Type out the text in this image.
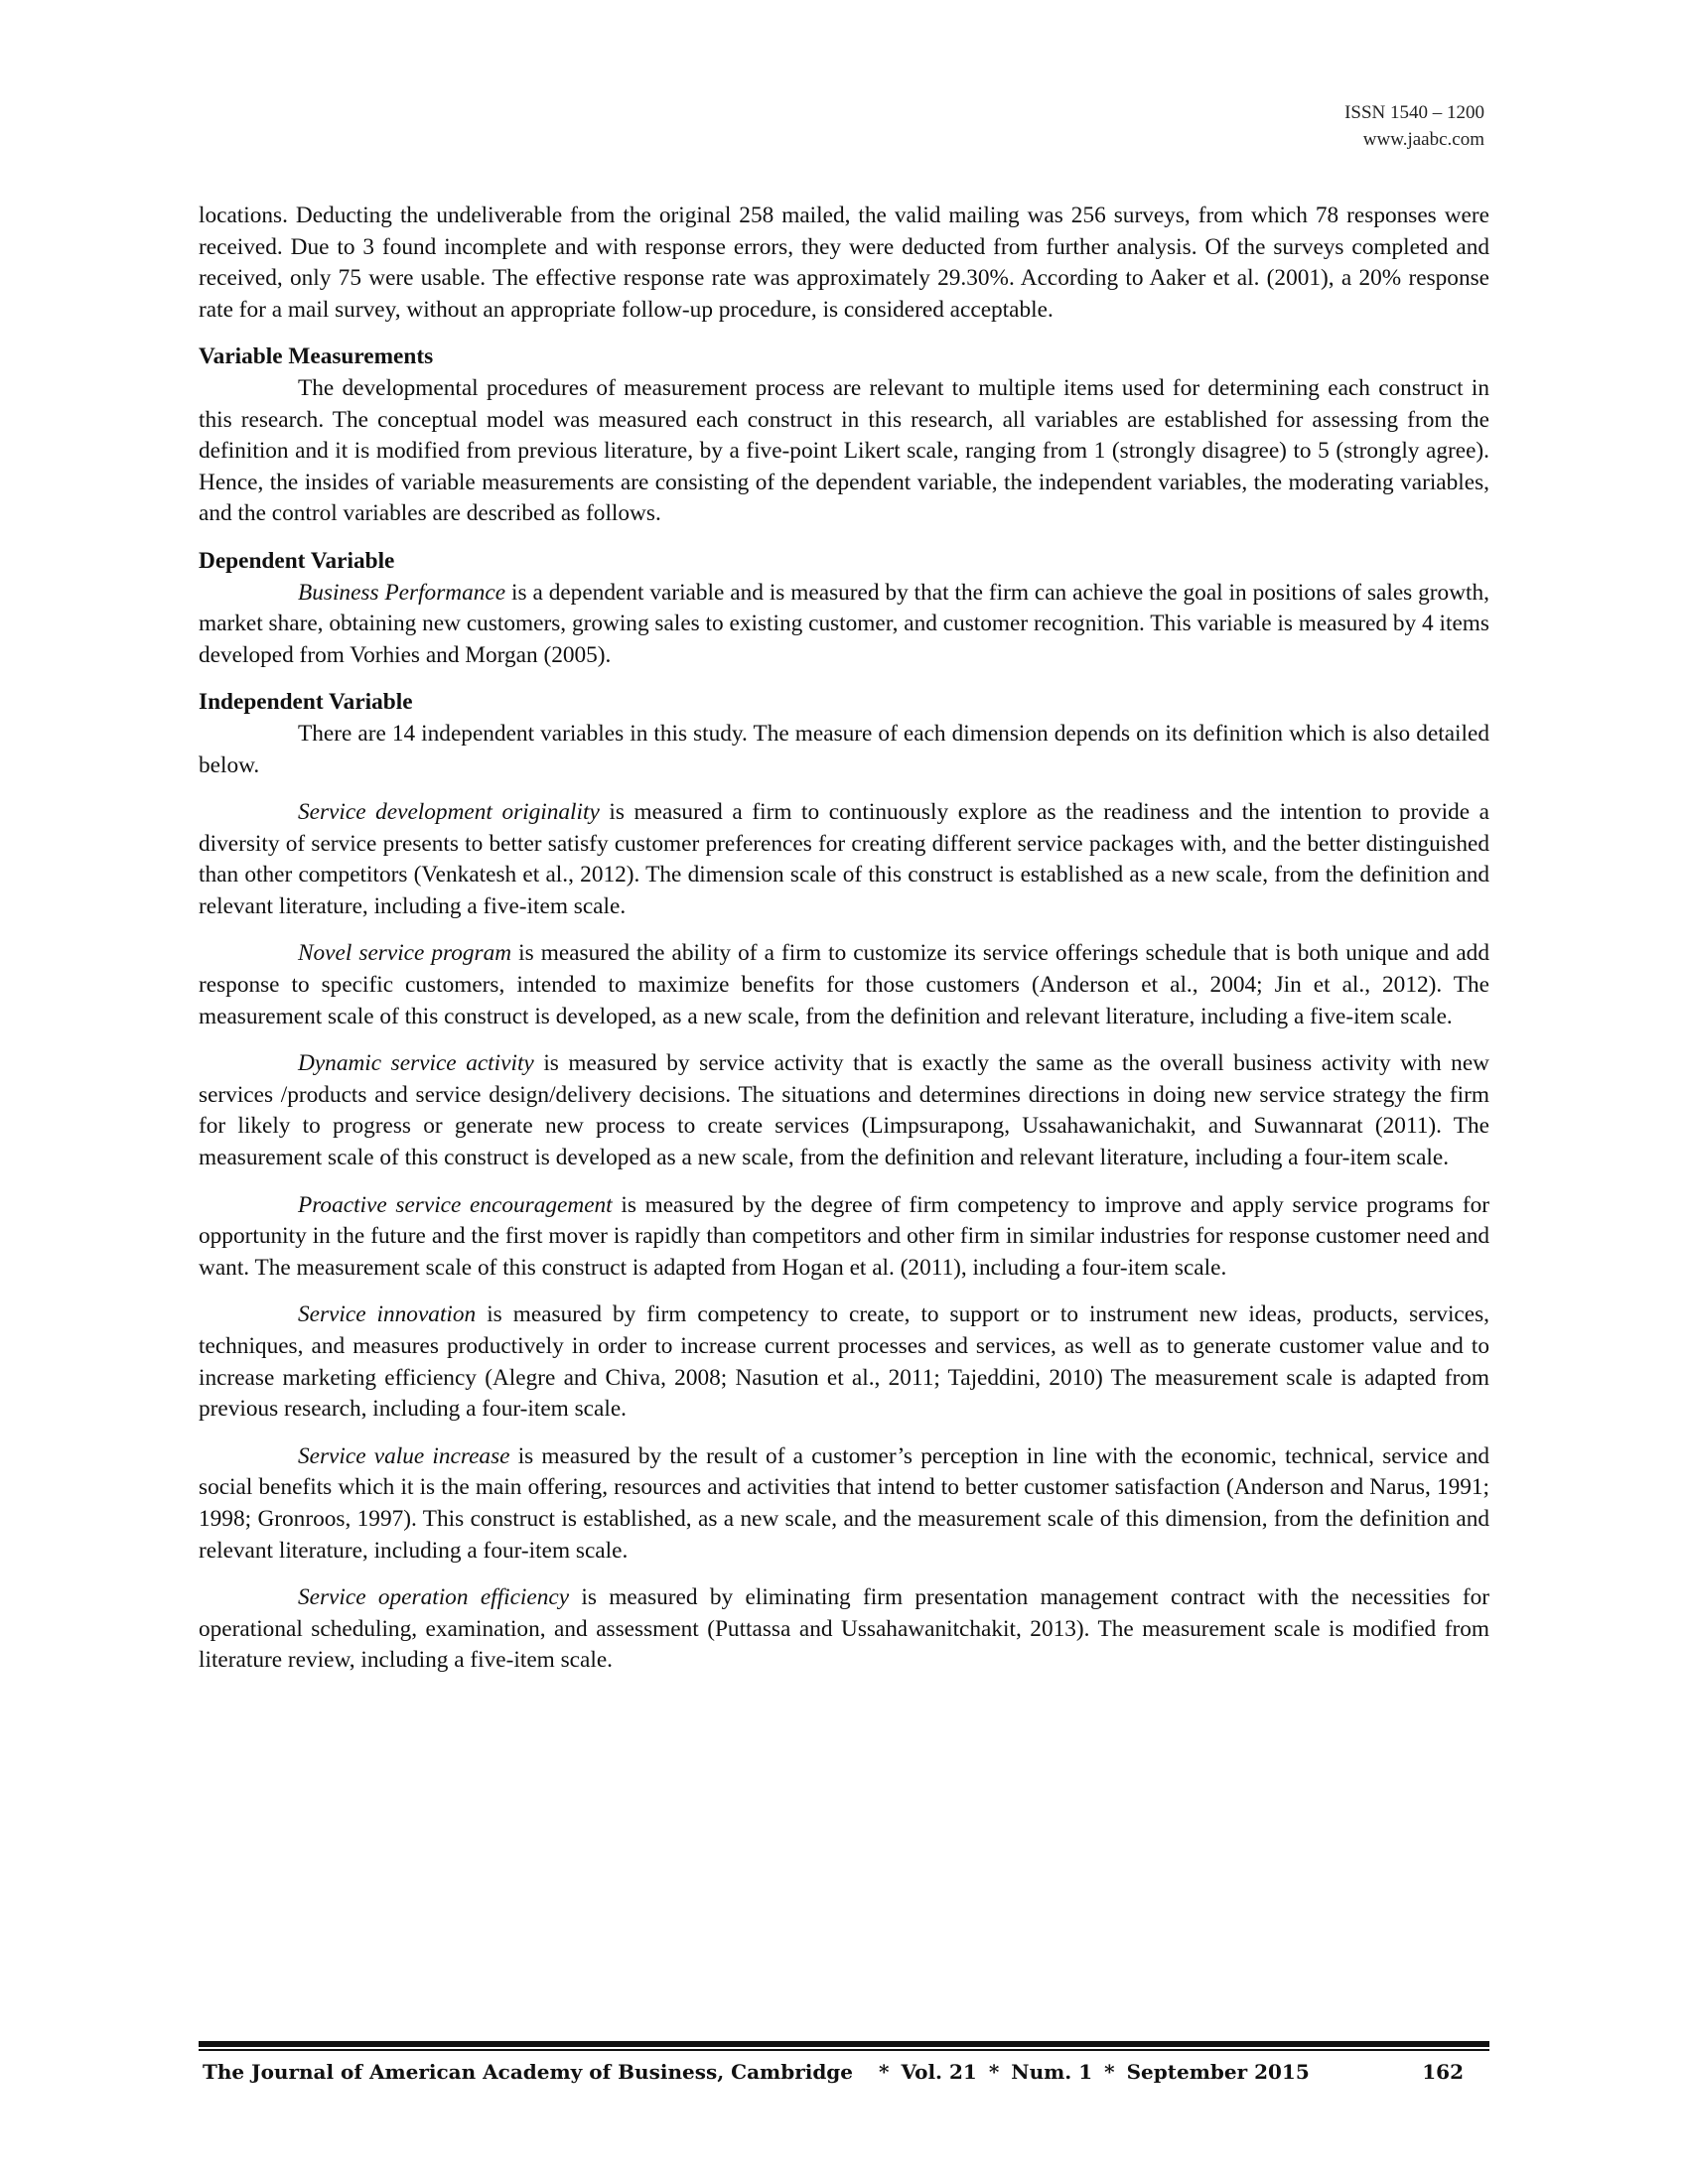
ISSN 1540 – 1200
www.jaabc.com

locations. Deducting the undeliverable from the original 258 mailed, the valid mailing was 256 surveys, from which 78 responses were received. Due to 3 found incomplete and with response errors, they were deducted from further analysis. Of the surveys completed and received, only 75 were usable. The effective response rate was approximately 29.30%. According to Aaker et al. (2001), a 20% response rate for a mail survey, without an appropriate follow-up procedure, is considered acceptable.

Variable Measurements

The developmental procedures of measurement process are relevant to multiple items used for determining each construct in this research. The conceptual model was measured each construct in this research, all variables are established for assessing from the definition and it is modified from previous literature, by a five-point Likert scale, ranging from 1 (strongly disagree) to 5 (strongly agree). Hence, the insides of variable measurements are consisting of the dependent variable, the independent variables, the moderating variables, and the control variables are described as follows.

Dependent Variable

Business Performance is a dependent variable and is measured by that the firm can achieve the goal in positions of sales growth, market share, obtaining new customers, growing sales to existing customer, and customer recognition. This variable is measured by 4 items developed from Vorhies and Morgan (2005).

Independent Variable

There are 14 independent variables in this study. The measure of each dimension depends on its definition which is also detailed below.

Service development originality is measured a firm to continuously explore as the readiness and the intention to provide a diversity of service presents to better satisfy customer preferences for creating different service packages with, and the better distinguished than other competitors (Venkatesh et al., 2012). The dimension scale of this construct is established as a new scale, from the definition and relevant literature, including a five-item scale.

Novel service program is measured the ability of a firm to customize its service offerings schedule that is both unique and add response to specific customers, intended to maximize benefits for those customers (Anderson et al., 2004; Jin et al., 2012). The measurement scale of this construct is developed, as a new scale, from the definition and relevant literature, including a five-item scale.

Dynamic service activity is measured by service activity that is exactly the same as the overall business activity with new services /products and service design/delivery decisions. The situations and determines directions in doing new service strategy the firm for likely to progress or generate new process to create services (Limpsurapong, Ussahawanichakit, and Suwannarat (2011). The measurement scale of this construct is developed as a new scale, from the definition and relevant literature, including a four-item scale.

Proactive service encouragement is measured by the degree of firm competency to improve and apply service programs for opportunity in the future and the first mover is rapidly than competitors and other firm in similar industries for response customer need and want. The measurement scale of this construct is adapted from Hogan et al. (2011), including a four-item scale.

Service innovation is measured by firm competency to create, to support or to instrument new ideas, products, services, techniques, and measures productively in order to increase current processes and services, as well as to generate customer value and to increase marketing efficiency (Alegre and Chiva, 2008; Nasution et al., 2011; Tajeddini, 2010) The measurement scale is adapted from previous research, including a four-item scale.

Service value increase is measured by the result of a customer’s perception in line with the economic, technical, service and social benefits which it is the main offering, resources and activities that intend to better customer satisfaction (Anderson and Narus, 1991; 1998; Gronroos, 1997). This construct is established, as a new scale, and the measurement scale of this dimension, from the definition and relevant literature, including a four-item scale.

Service operation efficiency is measured by eliminating firm presentation management contract with the necessities for operational scheduling, examination, and assessment (Puttassa and Ussahawanitchakit, 2013). The measurement scale is modified from literature review, including a five-item scale.

The Journal of American Academy of Business, Cambridge * Vol. 21 * Num. 1 * September 2015	162
